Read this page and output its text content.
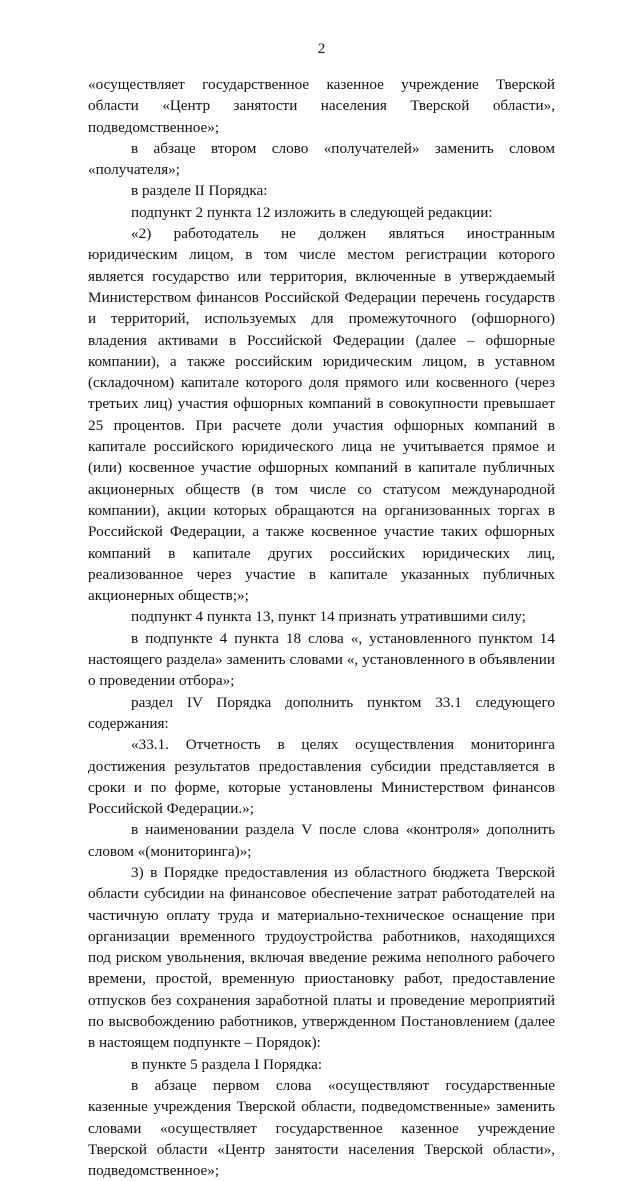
2

«осуществляет государственное казенное учреждение Тверской области «Центр занятости населения Тверской области», подведомственное»;

в абзаце втором слово «получателей» заменить словом «получателя»;

в разделе II Порядка:

подпункт 2 пункта 12 изложить в следующей редакции:

«2) работодатель не должен являться иностранным юридическим лицом, в том числе местом регистрации которого является государство или территория, включенные в утверждаемый Министерством финансов Российской Федерации перечень государств и территорий, используемых для промежуточного (офшорного) владения активами в Российской Федерации (далее – офшорные компании), а также российским юридическим лицом, в уставном (складочном) капитале которого доля прямого или косвенного (через третьих лиц) участия офшорных компаний в совокупности превышает 25 процентов. При расчете доли участия офшорных компаний в капитале российского юридического лица не учитывается прямое и (или) косвенное участие офшорных компаний в капитале публичных акционерных обществ (в том числе со статусом международной компании), акции которых обращаются на организованных торгах в Российской Федерации, а также косвенное участие таких офшорных компаний в капитале других российских юридических лиц, реализованное через участие в капитале указанных публичных акционерных обществ;»;

подпункт 4 пункта 13, пункт 14 признать утратившими силу;

в подпункте 4 пункта 18 слова «, установленного пунктом 14 настоящего раздела» заменить словами «, установленного в объявлении о проведении отбора»;

раздел IV Порядка дополнить пунктом 33.1 следующего содержания:

«33.1. Отчетность в целях осуществления мониторинга достижения результатов предоставления субсидии представляется в сроки и по форме, которые установлены Министерством финансов Российской Федерации.»;

в наименовании раздела V после слова «контроля» дополнить словом «(мониторинга)»;

3) в Порядке предоставления из областного бюджета Тверской области субсидии на финансовое обеспечение затрат работодателей на частичную оплату труда и материально-техническое оснащение при организации временного трудоустройства работников, находящихся под риском увольнения, включая введение режима неполного рабочего времени, простой, временную приостановку работ, предоставление отпусков без сохранения заработной платы и проведение мероприятий по высвобождению работников, утвержденном Постановлением (далее в настоящем подпункте – Порядок):

в пункте 5 раздела I Порядка:

в абзаце первом слова «осуществляют государственные казенные учреждения Тверской области, подведомственные» заменить словами «осуществляет государственное казенное учреждение Тверской области «Центр занятости населения Тверской области», подведомственное»;
